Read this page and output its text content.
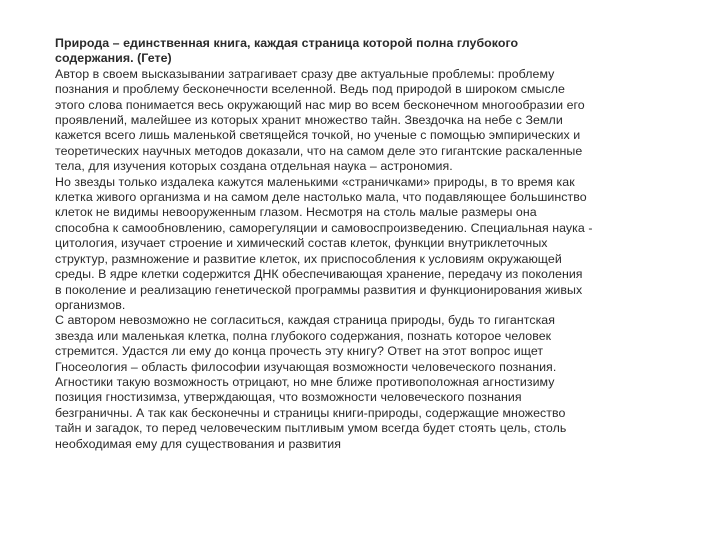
Природа – единственная книга, каждая страница которой полна глубокого
содержания. (Гете)
Автор в своем высказывании затрагивает сразу две актуальные проблемы: проблему
познания и проблему бесконечности вселенной. Ведь под природой в широком смысле
этого слова понимается весь окружающий нас мир во всем бесконечном многообразии его
проявлений, малейшее из которых хранит множество тайн. Звездочка на небе с Земли
кажется всего лишь маленькой светящейся точкой, но ученые с помощью эмпирических и
теоретических научных методов доказали, что на самом деле это гигантские раскаленные
тела, для изучения которых создана отдельная наука – астрономия.
Но звезды только издалека кажутся маленькими «страничками» природы, в то время как
клетка живого организма и на самом деле настолько мала, что подавляющее большинство
клеток не видимы невооруженным глазом. Несмотря на столь малые размеры она
способна к самообновлению, саморегуляции и самовоспроизведению. Специальная наука -
цитология, изучает строение и химический состав клеток, функции внутриклеточных
структур, размножение и развитие клеток, их приспособления к условиям окружающей
среды. В ядре клетки содержится ДНК обеспечивающая хранение, передачу из поколения
в поколение и реализацию генетической программы развития и функционирования живых
организмов.
С автором невозможно не согласиться, каждая страница природы, будь то гигантская
звезда или маленькая клетка, полна глубокого содержания, познать которое человек
стремится. Удастся ли ему до конца прочесть эту книгу? Ответ на этот вопрос ищет
Гносеология – область философии изучающая возможности человеческого познания.
Агностики такую возможность отрицают, но мне ближе противоположная агностизиму
позиция гностизимза, утверждающая, что возможности человеческого познания
безграничны. А так как бесконечны и страницы книги-природы, содержащие множество
тайн и загадок, то перед человеческим пытливым умом всегда будет стоять цель, столь
необходимая ему для существования и развития
